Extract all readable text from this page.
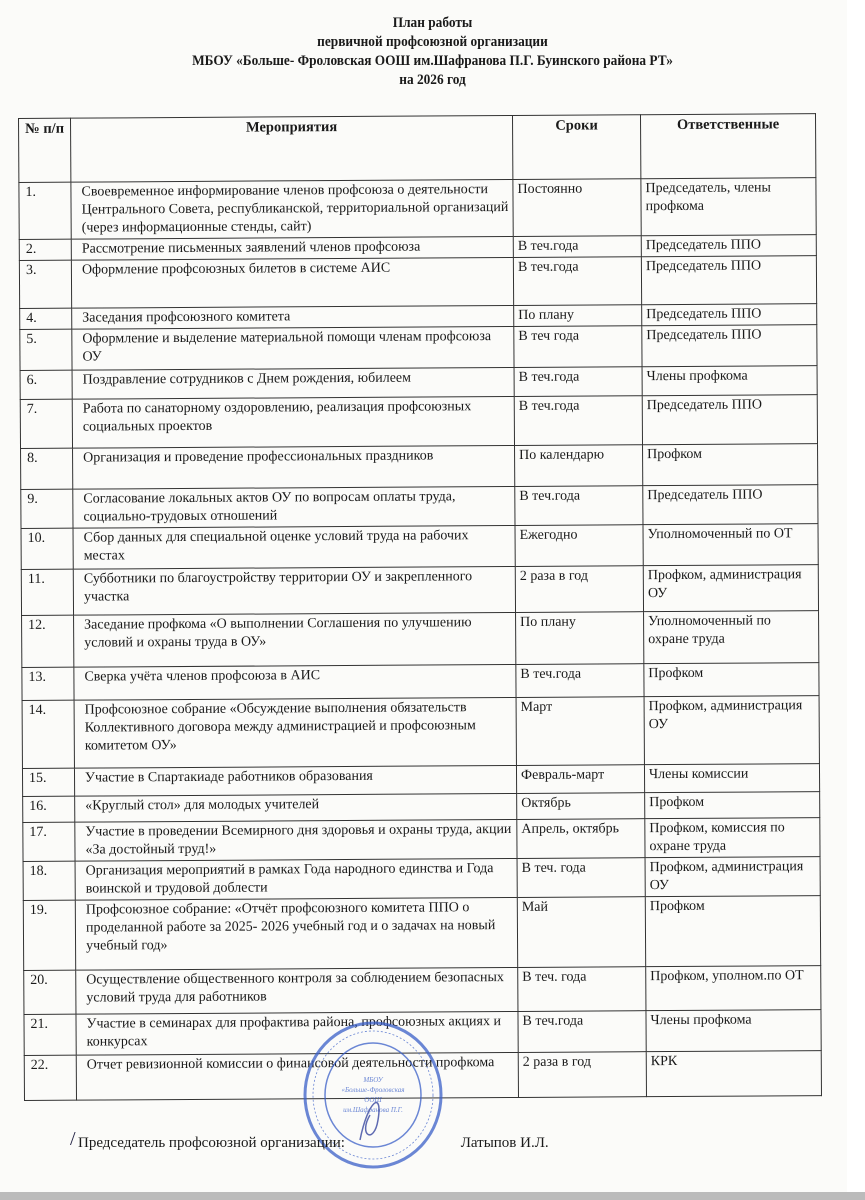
План работы
первичной профсоюзной организации
МБОУ «Больше- Фроловская ООШ им.Шафранова П.Г. Буинского района РТ»
на 2026 год
№ п/п	Мероприятия	Сроки	Ответственные
1.	Своевременное информирование членов профсоюза о деятельности Центрального Совета, республиканской, территориальной организаций (через информационные стенды, сайт)	Постоянно	Председатель, члены профкома
2.	Рассмотрение письменных заявлений членов профсоюза	В теч.года	Председатель ППО
3.	Оформление профсоюзных билетов в системе АИС	В теч.года	Председатель ППО
4.	Заседания профсоюзного комитета	По плану	Председатель ППО
5.	Оформление и выделение материальной помощи членам профсоюза ОУ	В теч года	Председатель ППО
6.	Поздравление сотрудников с Днем рождения, юбилеем	В теч.года	Члены профкома
7.	Работа по санаторному оздоровлению, реализация профсоюзных социальных проектов	В теч.года	Председатель ППО
8.	Организация и проведение профессиональных праздников	По календарю	Профком
9.	Согласование локальных актов ОУ по вопросам оплаты труда, социально-трудовых отношений	В теч.года	Председатель ППО
10.	Сбор данных для специальной оценке условий труда на рабочих местах	Ежегодно	Уполномоченный по ОТ
11.	Субботники по благоустройству территории ОУ и закрепленного участка	2 раза в год	Профком, администрация ОУ
12.	Заседание профкома «О выполнении Соглашения по улучшению условий и охраны труда в ОУ»	По плану	Уполномоченный по охране труда
13.	Сверка учёта членов профсоюза в АИС	В теч.года	Профком
14.	Профсоюзное собрание «Обсуждение выполнения обязательств Коллективного договора между администрацией и профсоюзным комитетом ОУ»	Март	Профком, администрация ОУ
15.	Участие в Спартакиаде работников образования	Февраль-март	Члены комиссии
16.	«Круглый стол» для молодых учителей	Октябрь	Профком
17.	Участие в проведении Всемирного дня здоровья и охраны труда, акции «За достойный труд!»	Апрель, октябрь	Профком, комиссия по охране труда
18.	Организация мероприятий в рамках Года народного единства и Года воинской и трудовой доблести	В теч. года	Профком, администрация ОУ
19.	Профсоюзное собрание: «Отчёт профсоюзного комитета ППО о проделанной работе за 2025- 2026 учебный год и о задачах на новый учебный год»	Май	Профком
20.	Осуществление общественного контроля за соблюдением безопасных условий труда для работников	В теч. года	Профком, уполном.по ОТ
21.	Участие в семинарах для профактива района, профсоюзных акциях и конкурсах	В теч.года	Члены профкома
22.	Отчет ревизионной комиссии о финансовой деятельности профкома	2 раза в год	КРК
МБОУ
«Больше-Фроловская
ООШ
им.Шафранова П.Г.
/ Председатель профсоюзной организации:	Латыпов И.Л.
